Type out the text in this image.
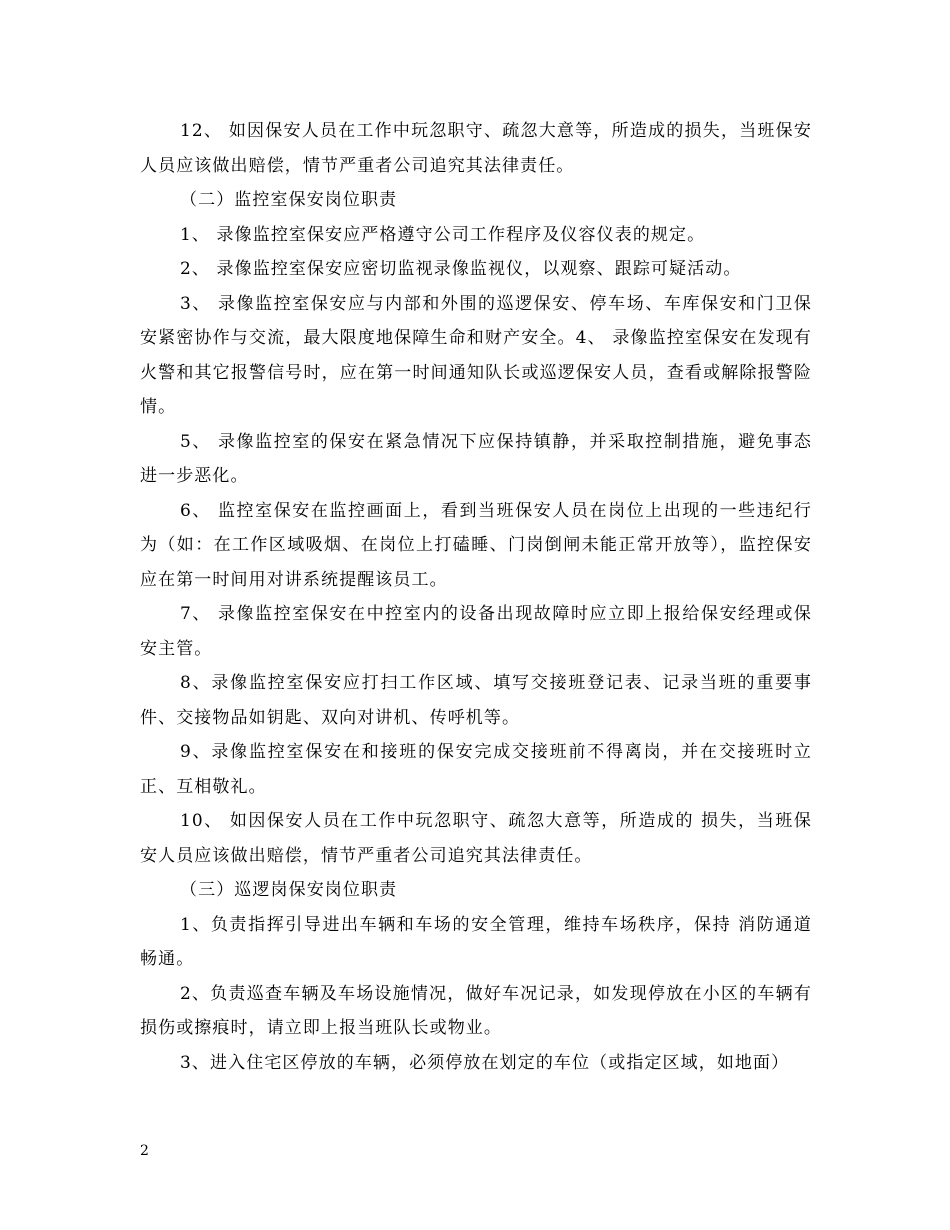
12、 如因保安人员在工作中玩忽职守、疏忽大意等，所造成的损失，当班保安人员应该做出赔偿，情节严重者公司追究其法律责任。

（二）监控室保安岗位职责

1、 录像监控室保安应严格遵守公司工作程序及仪容仪表的规定。

2、 录像监控室保安应密切监视录像监视仪，以观察、跟踪可疑活动。

3、 录像监控室保安应与内部和外围的巡逻保安、停车场、车库保安和门卫保安紧密协作与交流，最大限度地保障生命和财产安全。4、 录像监控室保安在发现有火警和其它报警信号时，应在第一时间通知队长或巡逻保安人员，查看或解除报警险情。

5、 录像监控室的保安在紧急情况下应保持镇静，并采取控制措施，避免事态进一步恶化。

6、 监控室保安在监控画面上，看到当班保安人员在岗位上出现的一些违纪行为（如：在工作区域吸烟、在岗位上打磕睡、门岗倒闸未能正常开放等），监控保安应在第一时间用对讲系统提醒该员工。

7、 录像监控室保安在中控室内的设备出现故障时应立即上报给保安经理或保安主管。

8、录像监控室保安应打扫工作区域、填写交接班登记表、记录当班的重要事件、交接物品如钥匙、双向对讲机、传呼机等。

9、录像监控室保安在和接班的保安完成交接班前不得离岗，并在交接班时立正、互相敬礼。

10、 如因保安人员在工作中玩忽职守、疏忽大意等，所造成的 损失，当班保安人员应该做出赔偿，情节严重者公司追究其法律责任。

（三）巡逻岗保安岗位职责

1、负责指挥引导进出车辆和车场的安全管理，维持车场秩序，保持 消防通道畅通。

2、负责巡查车辆及车场设施情况，做好车况记录，如发现停放在小区的车辆有损伤或擦痕时，请立即上报当班队长或物业。

3、进入住宅区停放的车辆，必须停放在划定的车位（或指定区域，如地面）

2
